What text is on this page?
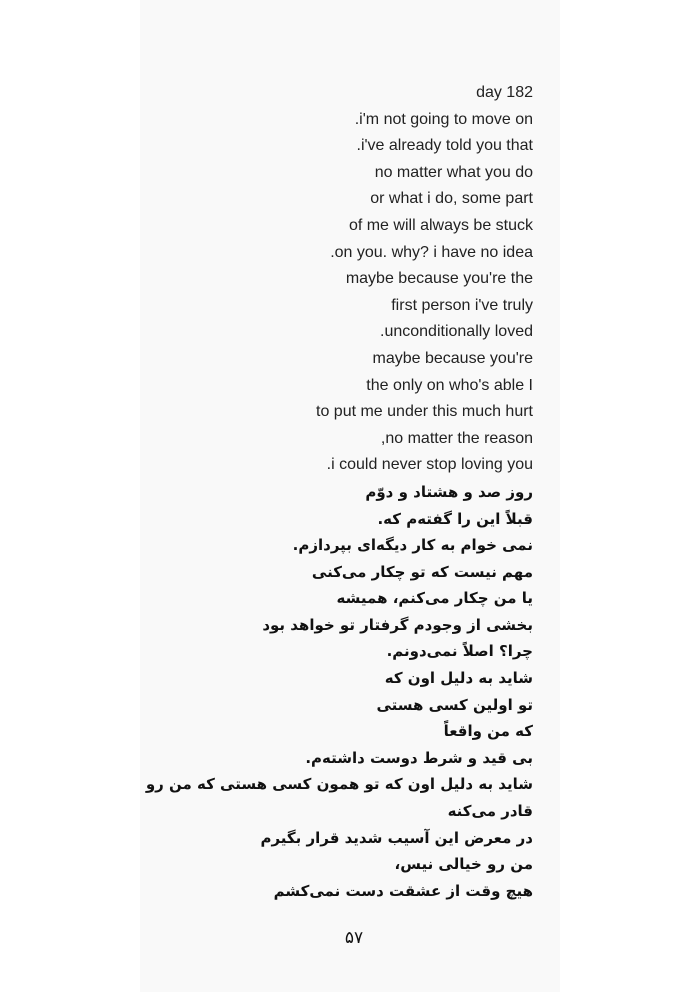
day 182
.i'm not going to move on
.i've already told you that
no matter what you do
or what i do, some part
of me will always be stuck
.on you. why? i have no idea
maybe because you're the
first person i've truly
.unconditionally loved
maybe because you're
the only on who's able I
to put me under this much hurt
,no matter the reason
.i could never stop loving you
روز صد و هشتاد و دوّم
قبلاً این را گفته‌م که.
نمی خوام به کار دیگه‌ای بپردازم.
مهم نیست که تو چکار می‌کنی
یا من چکار می‌کنم، همیشه
بخشی از وجودم گرفتار تو خواهد بود
چرا؟ اصلاً نمی‌دونم.
شاید به دلیل اون که
تو اولین کسی هستی
که من واقعاً
بی قید و شرط دوست داشته‌م.
شاید به دلیل اون که تو همون کسی هستی که من رو
قادر می‌کنه
در معرض این آسیب شدید قرار بگیرم
من رو خیالی نیس،
هیچ وقت از عشقت دست نمی‌کشم
۵۷
